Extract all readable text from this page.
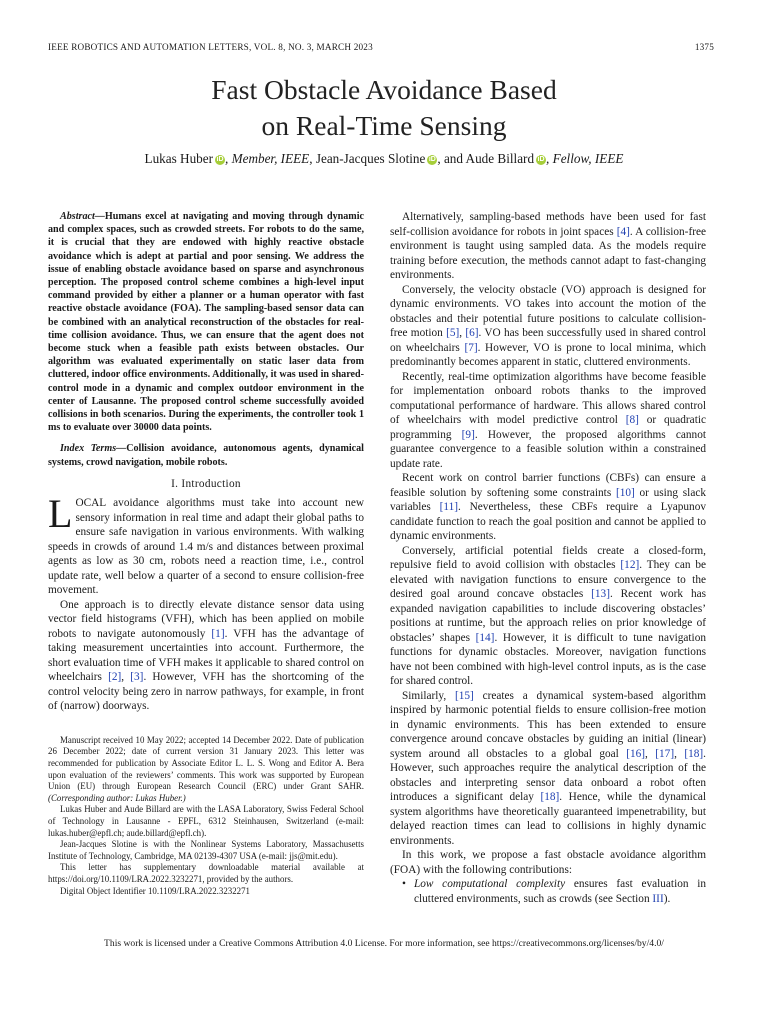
IEEE ROBOTICS AND AUTOMATION LETTERS, VOL. 8, NO. 3, MARCH 2023	1375
Fast Obstacle Avoidance Based
on Real-Time Sensing
Lukas Huber iD , Member, IEEE, Jean-Jacques Slotine iD , and Aude Billard iD , Fellow, IEEE

Abstract—Humans excel at navigating and moving through dynamic and complex spaces, such as crowded streets. For robots to do the same, it is crucial that they are endowed with highly reactive obstacle avoidance which is adept at partial and poor sensing. We address the issue of enabling obstacle avoidance based on sparse and asynchronous perception. The proposed control scheme combines a high-level input command provided by either a planner or a human operator with fast reactive obstacle avoidance (FOA). The sampling-based sensor data can be combined with an analytical reconstruction of the obstacles for real-time collision avoidance. Thus, we can ensure that the agent does not become stuck when a feasible path exists between obstacles. Our algorithm was evaluated experimentally on static laser data from cluttered, indoor office environments. Additionally, it was used in shared-control mode in a dynamic and complex outdoor environment in the center of Lausanne. The proposed control scheme successfully avoided collisions in both scenarios. During the experiments, the controller took 1 ms to evaluate over 30000 data points.

Index Terms—Collision avoidance, autonomous agents, dynamical systems, crowd navigation, mobile robots.

I. Introduction

LOCAL avoidance algorithms must take into account new sensory information in real time and adapt their global paths to ensure safe navigation in various environments. With walking speeds in crowds of around 1.4 m/s and distances between proximal agents as low as 30 cm, robots need a reaction time, i.e., control update rate, well below a quarter of a second to ensure collision-free movement.

One approach is to directly elevate distance sensor data using vector field histograms (VFH), which has been applied on mobile robots to navigate autonomously [1]. VFH has the advantage of taking measurement uncertainties into account. Furthermore, the short evaluation time of VFH makes it applicable to shared control on wheelchairs [2], [3]. However, VFH has the shortcoming of the control velocity being zero in narrow pathways, for example, in front of (narrow) doorways.

Manuscript received 10 May 2022; accepted 14 December 2022. Date of publication 26 December 2022; date of current version 31 January 2023. This letter was recommended for publication by Associate Editor L. L. S. Wong and Editor A. Bera upon evaluation of the reviewers’ comments. This work was supported by European Union (EU) through European Research Council (ERC) under Grant SAHR. (Corresponding author: Lukas Huber.)

Lukas Huber and Aude Billard are with the LASA Laboratory, Swiss Federal School of Technology in Lausanne - EPFL, 6312 Steinhausen, Switzerland (e-mail: lukas.huber@epfl.ch; aude.billard@epfl.ch).

Jean-Jacques Slotine is with the Nonlinear Systems Laboratory, Massachusetts Institute of Technology, Cambridge, MA 02139-4307 USA (e-mail: jjs@mit.edu).

This letter has supplementary downloadable material available at https://doi.org/10.1109/LRA.2022.3232271, provided by the authors.

Digital Object Identifier 10.1109/LRA.2022.3232271

Alternatively, sampling-based methods have been used for fast self-collision avoidance for robots in joint spaces [4]. A collision-free environment is taught using sampled data. As the models require training before execution, the methods cannot adapt to fast-changing environments.

Conversely, the velocity obstacle (VO) approach is designed for dynamic environments. VO takes into account the motion of the obstacles and their potential future positions to calculate collision-free motion [5], [6]. VO has been successfully used in shared control on wheelchairs [7]. However, VO is prone to local minima, which predominantly becomes apparent in static, cluttered environments.

Recently, real-time optimization algorithms have become feasible for implementation onboard robots thanks to the improved computational performance of hardware. This allows shared control of wheelchairs with model predictive control [8] or quadratic programming [9]. However, the proposed algorithms cannot guarantee convergence to a feasible solution within a constrained update rate.

Recent work on control barrier functions (CBFs) can ensure a feasible solution by softening some constraints [10] or using slack variables [11]. Nevertheless, these CBFs require a Lyapunov candidate function to reach the goal position and cannot be applied to dynamic environments.

Conversely, artificial potential fields create a closed-form, repulsive field to avoid collision with obstacles [12]. They can be elevated with navigation functions to ensure convergence to the desired goal around concave obstacles [13]. Recent work has expanded navigation capabilities to include discovering obstacles’ positions at runtime, but the approach relies on prior knowledge of obstacles’ shapes [14]. However, it is difficult to tune navigation functions for dynamic obstacles. Moreover, navigation functions have not been combined with high-level control inputs, as is the case for shared control.

Similarly, [15] creates a dynamical system-based algorithm inspired by harmonic potential fields to ensure collision-free motion in dynamic environments. This has been extended to ensure convergence around concave obstacles by guiding an initial (linear) system around all obstacles to a global goal [16], [17], [18]. However, such approaches require the analytical description of the obstacles and interpreting sensor data onboard a robot often introduces a significant delay [18]. Hence, while the dynamical system algorithms have theoretically guaranteed impenetrability, but delayed reaction times can lead to collisions in highly dynamic environments.

In this work, we propose a fast obstacle avoidance algorithm (FOA) with the following contributions:

• Low computational complexity ensures fast evaluation in cluttered environments, such as crowds (see Section III).

This work is licensed under a Creative Commons Attribution 4.0 License. For more information, see https://creativecommons.org/licenses/by/4.0/
